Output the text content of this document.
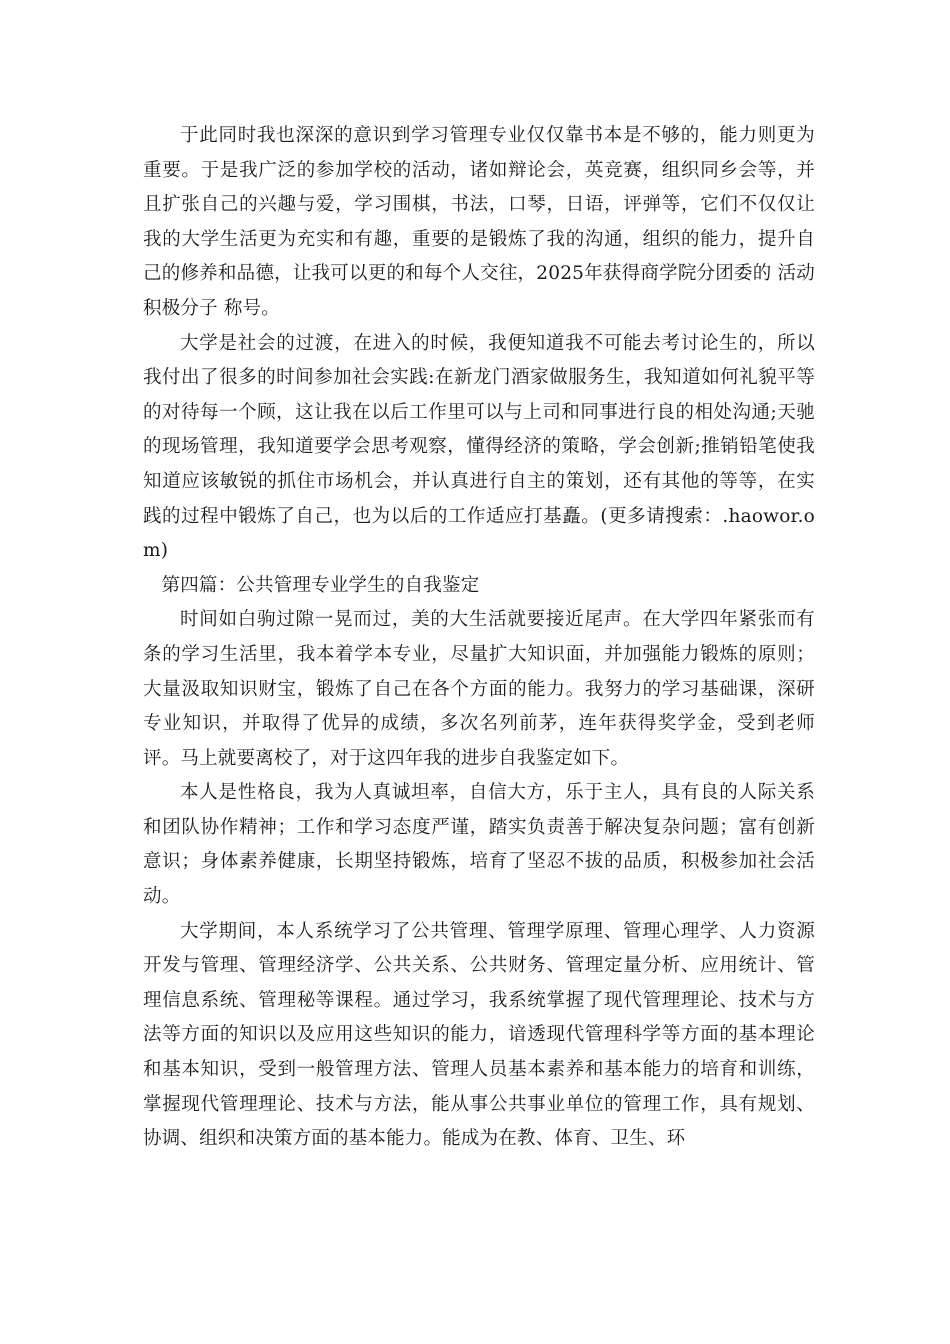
于此同时我也深深的意识到学习管理专业仅仅靠书本是不够的，能力则更为重要。于是我广泛的参加学校的活动，诸如辩论会，英竞赛，组织同乡会等，并且扩张自己的兴趣与爱，学习围棋，书法，口琴，日语，评弹等，它们不仅仅让我的大学生活更为充实和有趣，重要的是锻炼了我的沟通，组织的能力，提升自己的修养和品德，让我可以更的和每个人交往，2025年获得商学院分团委的 活动积极分子 称号。

大学是社会的过渡，在进入的时候，我便知道我不可能去考讨论生的，所以我付出了很多的时间参加社会实践:在新龙门酒家做服务生，我知道如何礼貌平等的对待每一个顾，这让我在以后工作里可以与上司和同事进行良的相处沟通;天驰的现场管理，我知道要学会思考观察，懂得经济的策略，学会创新;推销铅笔使我知道应该敏锐的抓住市场机会，并认真进行自主的策划，还有其他的等等，在实践的过程中锻炼了自己，也为以后的工作适应打基矗。(更多请搜索：.haowor.om)

第四篇：公共管理专业学生的自我鉴定

时间如白驹过隙一晃而过，美的大生活就要接近尾声。在大学四年紧张而有条的学习生活里，我本着学本专业，尽量扩大知识面，并加强能力锻炼的原则；大量汲取知识财宝，锻炼了自己在各个方面的能力。我努力的学习基础课，深研专业知识，并取得了优异的成绩，多次名列前茅，连年获得奖学金，受到老师评。马上就要离校了，对于这四年我的进步自我鉴定如下。

本人是性格良，我为人真诚坦率，自信大方，乐于主人，具有良的人际关系和团队协作精神；工作和学习态度严谨，踏实负责善于解决复杂问题；富有创新意识；身体素养健康，长期坚持锻炼，培育了坚忍不拔的品质，积极参加社会活动。

大学期间，本人系统学习了公共管理、管理学原理、管理心理学、人力资源开发与管理、管理经济学、公共关系、公共财务、管理定量分析、应用统计、管理信息系统、管理秘等课程。通过学习，我系统掌握了现代管理理论、技术与方法等方面的知识以及应用这些知识的能力，谙透现代管理科学等方面的基本理论和基本知识，受到一般管理方法、管理人员基本素养和基本能力的培育和训练，掌握现代管理理论、技术与方法，能从事公共事业单位的管理工作，具有规划、协调、组织和决策方面的基本能力。能成为在教、体育、卫生、环
